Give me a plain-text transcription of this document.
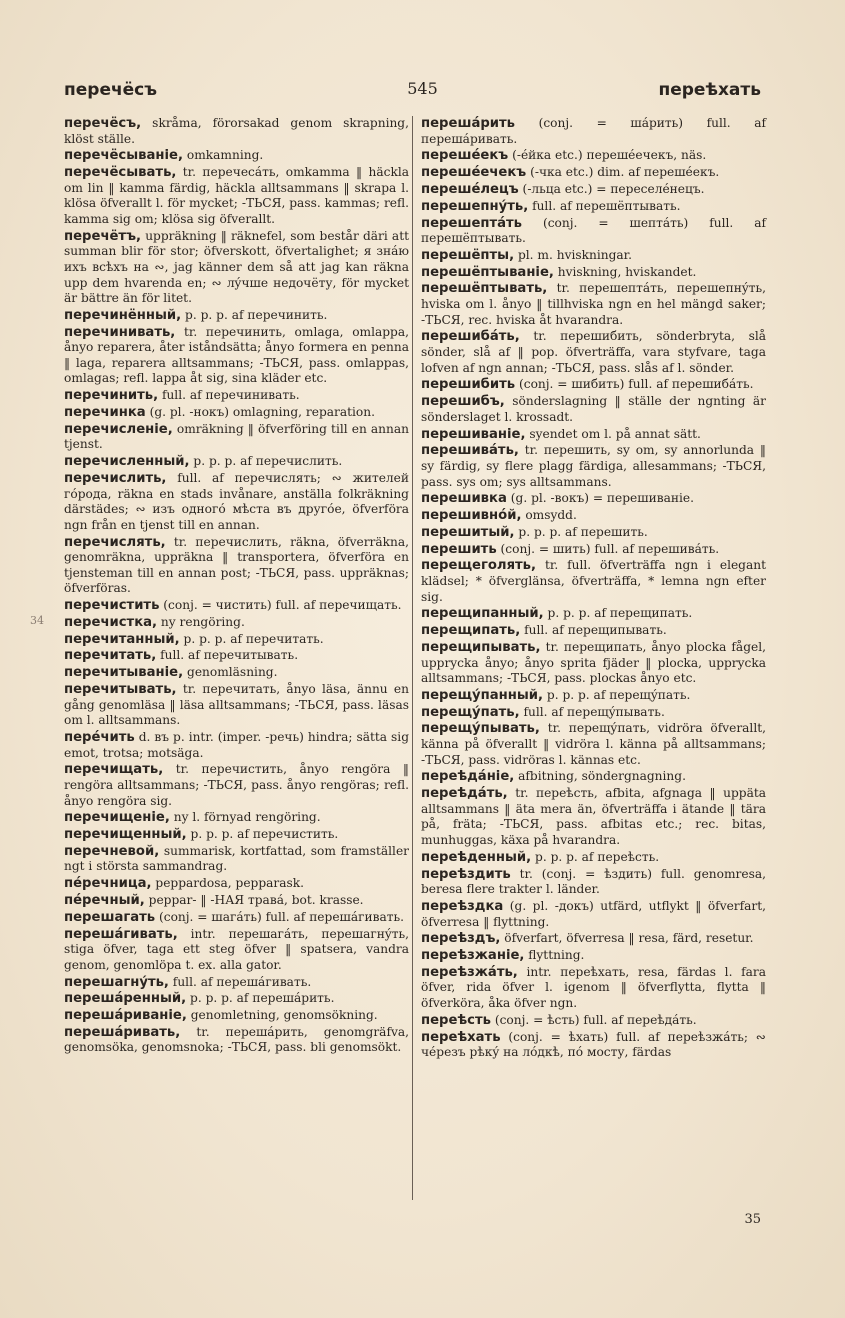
перечёсъ	545	переѣхать

перечёсъ, skråma, förorsakad genom skrapning, klöst ställe.

перечёсываніе, omkamning.

перечёсывать, tr. перечесáть, omkamma ‖ häckla om lin ‖ kamma färdig, häckla alltsammans ‖ skrapa l. klösa öfverallt l. för mycket; -ТЬСЯ, pass. kammas; refl. kamma sig om; klösa sig öfverallt.

перечётъ, uppräkning ‖ räknefel, som består däri att summan blir för stor; öfverskott, öfvertalighet; я знáю ихъ всѣхъ на ∾, jag känner dem så att jag kan räkna upp dem hvarenda en; ∾ лýчше недочёту, för mycket är bättre än för litet.

перечинённый, p. p. p. af перечинить.

перечинивать, tr. перечинить, omlaga, omlappa, ånyo reparera, åter iståndsätta; ånyo formera en penna ‖ laga, reparera alltsammans; -ТЬСЯ, pass. omlappas, omlagas; refl. lappa åt sig, sina kläder etc.

перечинить, full. af перечинивать.

перечинка (g. pl. -нокъ) omlagning, reparation.

перечисленіе, omräkning ‖ öfverföring till en annan tjenst.

перечисленный, p. p. p. af перечислить.

перечислить, full. af перечислять; ∾ жителей гóрода, räkna en stads invånare, anställa folkräkning därstädes; ∾ изъ одногó мѣста въ другóе, öfverföra ngn från en tjenst till en annan.

перечислять, tr. перечислить, räkna, öfverräkna, genomräkna, uppräkna ‖ transportera, öfverföra en tjensteman till en annan post; -ТЬСЯ, pass. uppräknas; öfverföras.

перечистить (conj. = чистить) full. af перечищать.

перечистка, ny rengöring.

перечитанный, p. p. p. af перечитать.

перечитать, full. af перечитывать.

перечитываніе, genomläsning.

перечитывать, tr. перечитать, ånyo läsa, ännu en gång genomläsa ‖ läsa alltsammans; -ТЬСЯ, pass. läsas om l. alltsammans.

перéчить d. въ p. intr. (imper. -речь) hindra; sätta sig emot, trotsa; motsäga.

перечищать, tr. перечистить, ånyo rengöra ‖ rengöra alltsammans; -ТЬСЯ, pass. ånyo rengöras; refl. ånyo rengöra sig.

перечищеніе, ny l. förnyad rengöring.

перечищенный, p. p. p. af перечистить.

перечневой, summarisk, kortfattad, som framställer ngt i största sammandrag.

пéречница, peppardosa, pepparask.

пéречный, peppar- ‖ -НАЯ травá, bot. krasse.

перешагать (conj. = шагáть) full. af перешáгивать.

перешáгивать, intr. перешагáть, перешагнýть, stiga öfver, taga ett steg öfver ‖ spatsera, vandra genom, genomlöpa t. ex. alla gator.

перешагнýть, full. af перешáгивать.

перешáренный, p. p. p. af перешáрить.

перешáриваніе, genomletning, genomsökning.

перешáривать, tr. перешáрить, genomgräfva, genomsöka, genomsnoka; -ТЬСЯ, pass. bli genomsökt.

перешáрить (conj. = шáрить) full. af перешáривать.

перешéекъ (-éйка etc.) перешéечекъ, näs.

перешéечекъ (-чка etc.) dim. af перешéекъ.

перешéлецъ (-льца etc.) = переселéнецъ.

перешепнýть, full. af перешёптывать.

перешептáть (conj. = шептáть) full. af перешёптывать.

перешёпты, pl. m. hviskningar.

перешёптываніе, hviskning, hviskandet.

перешёптывать, tr. перешептáть, перешепнýть, hviska om l. ånyo ‖ tillhviska ngn en hel mängd saker; -ТЬСЯ, rec. hviska åt hvarandra.

перешибáть, tr. перешибить, sönderbryta, slå sönder, slå af ‖ pop. öfverträffa, vara styfvare, taga lofven af ngn annan; -ТЬСЯ, pass. slås af l. sönder.

перешибить (conj. = шибить) full. af перешибáть.

перешибъ, sönderslagning ‖ ställe der ngnting är sönderslaget l. krossadt.

перешиваніе, syendet om l. på annat sätt.

перешивáть, tr. перешить, sy om, sy annorlunda ‖ sy färdig, sy flere plagg färdiga, allesammans; -ТЬСЯ, pass. sys om; sys alltsammans.

перешивка (g. pl. -вокъ) = перешиваніе.

перешивнóй, omsydd.

перешитый, p. p. p. af перешить.

перешить (conj. = шить) full. af перешивáть.

перещеголять, tr. full. öfverträffa ngn i elegant klädsel; * öfverglänsa, öfverträffa, * lemna ngn efter sig.

перещипанный, p. p. p. af перещипать.

перещипать, full. af перещипывать.

перещипывать, tr. перещипать, ånyo plocka fågel, upprycka ånyo; ånyo sprita fjäder ‖ plocka, upprycka alltsammans; -ТЬСЯ, pass. plockas ånyo etc.

перещýпанный, p. p. p. af перещýпать.

перещýпать, full. af перещýпывать.

перещýпывать, tr. перещýпать, vidröra öfverallt, känna på öfverallt ‖ vidröra l. känna på alltsammans; -ТЬСЯ, pass. vidröras l. kännas etc.

переѣдáніе, afbitning, söndergnagning.

переѣдáть, tr. переѣсть, afbita, afgnaga ‖ uppäta alltsammans ‖ äta mera än, öfverträffa i ätande ‖ tära på, fräta; -ТЬСЯ, pass. afbitas etc.; rec. bitas, munhuggas, käxa på hvarandra.

переѣденный, p. p. p. af переѣсть.

переѣздить tr. (conj. = ѣздить) full. genomresa, beresa flere trakter l. länder.

переѣздка (g. pl. -докъ) utfärd, utflykt ‖ öfverfart, öfverresa ‖ flyttning.

переѣздъ, öfverfart, öfverresa ‖ resa, färd, resetur.

переѣзжаніе, flyttning.

переѣзжáть, intr. переѣхать, resa, färdas l. fara öfver, rida öfver l. igenom ‖ öfverflytta, flytta ‖ öfverköra, åka öfver ngn.

переѣсть (conj. = ѣсть) full. af переѣдáть.

переѣхать (conj. = ѣхать) full. af переѣзжáть; ∾ чéрезъ рѣкý на лóдкѣ, пó мосту, färdas

34
35
